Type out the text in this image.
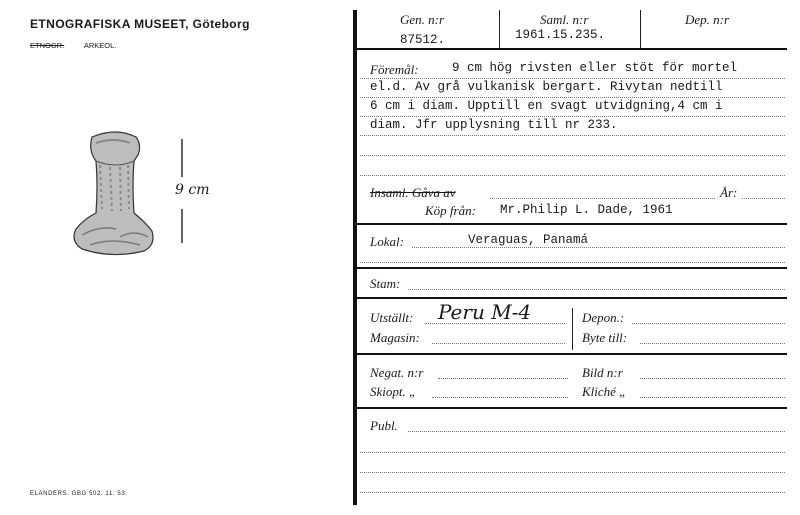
ETNOGRAFISKA MUSEET, Göteborg
ETNOGR.	ARKEOL.
9 cm
ELANDERS. GBG 502. 11. 53.
Gen. n:r
87512.
Saml. n:r
1961.15.235.
Dep. n:r
Föremål:	9 cm hög rivsten eller stöt för mortel
el.d. Av grå vulkanisk bergart. Rivytan nedtill
6 cm i diam. Upptill en svagt utvidgning,4 cm i
diam. Jfr upplysning till nr 233.
Insaml. Gåva av	År:
Köp från: Mr.Philip L. Dade, 1961
Lokal:	Veraguas, Panamá
Stam:
Utställt: Peru M-4	Depon.:
Magasin:	Byte till:
Negat. n:r	Bild n:r
Skiopt. „	Kliché „
Publ.
